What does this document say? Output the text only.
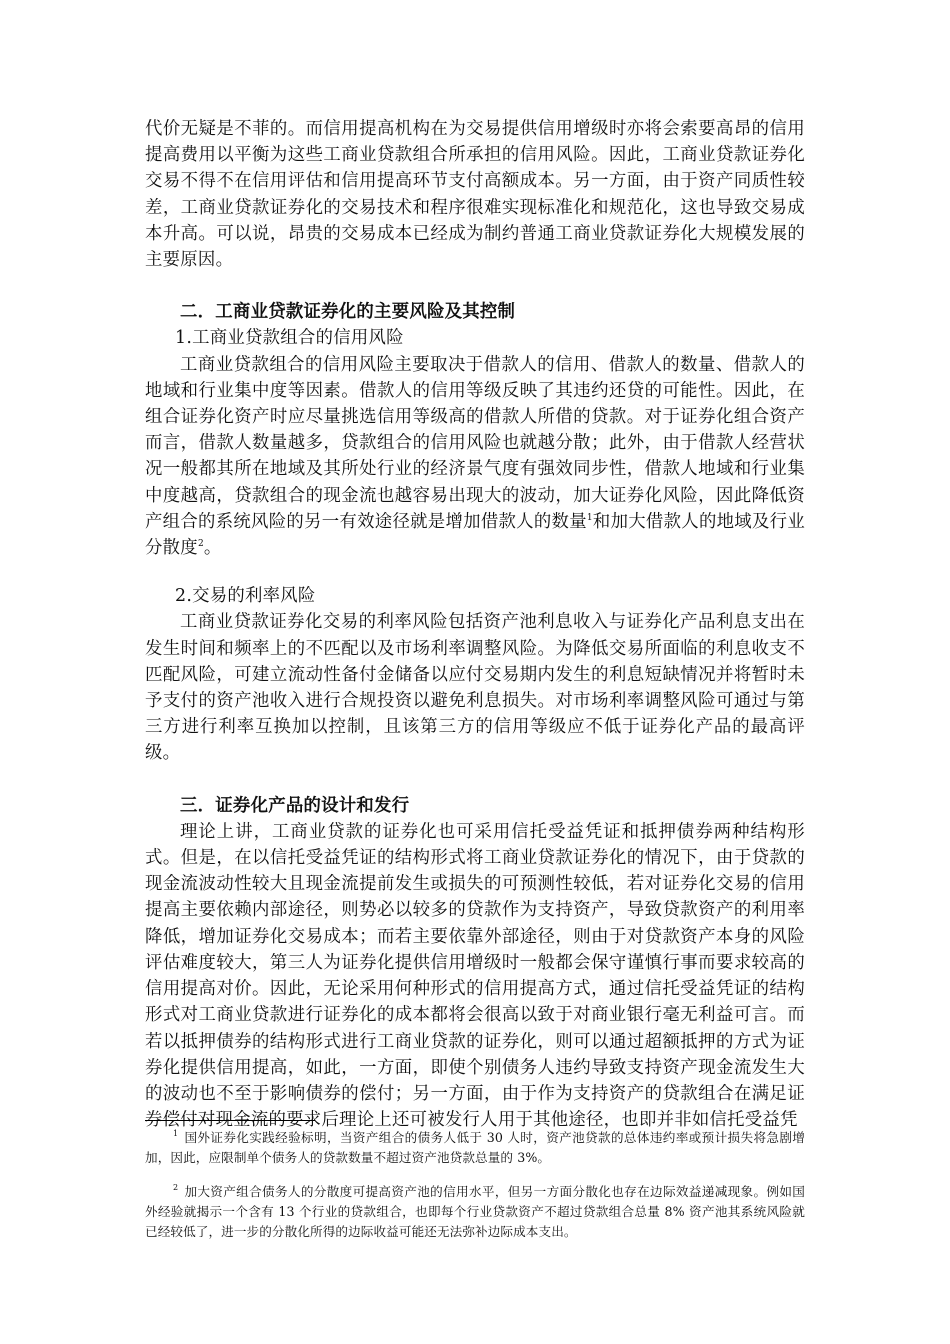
代价无疑是不菲的。而信用提高机构在为交易提供信用增级时亦将会索要高昂的信用提高费用以平衡为这些工商业贷款组合所承担的信用风险。因此，工商业贷款证券化交易不得不在信用评估和信用提高环节支付高额成本。另一方面，由于资产同质性较差，工商业贷款证券化的交易技术和程序很难实现标准化和规范化，这也导致交易成本升高。可以说，昂贵的交易成本已经成为制约普通工商业贷款证券化大规模发展的主要原因。

二．工商业贷款证券化的主要风险及其控制

1.工商业贷款组合的信用风险

工商业贷款组合的信用风险主要取决于借款人的信用、借款人的数量、借款人的地域和行业集中度等因素。借款人的信用等级反映了其违约还贷的可能性。因此，在组合证券化资产时应尽量挑选信用等级高的借款人所借的贷款。对于证券化组合资产而言，借款人数量越多，贷款组合的信用风险也就越分散；此外，由于借款人经营状况一般都其所在地域及其所处行业的经济景气度有强效同步性，借款人地域和行业集中度越高，贷款组合的现金流也越容易出现大的波动，加大证券化风险，因此降低资产组合的系统风险的另一有效途径就是增加借款人的数量$^1$和加大借款人的地域及行业分散度$^2$。

2.交易的利率风险

工商业贷款证券化交易的利率风险包括资产池利息收入与证券化产品利息支出在发生时间和频率上的不匹配以及市场利率调整风险。为降低交易所面临的利息收支不匹配风险，可建立流动性备付金储备以应付交易期内发生的利息短缺情况并将暂时未予支付的资产池收入进行合规投资以避免利息损失。对市场利率调整风险可通过与第三方进行利率互换加以控制，且该第三方的信用等级应不低于证券化产品的最高评级。

三．证券化产品的设计和发行

理论上讲，工商业贷款的证券化也可采用信托受益凭证和抵押债券两种结构形式。但是，在以信托受益凭证的结构形式将工商业贷款证券化的情况下，由于贷款的现金流波动性较大且现金流提前发生或损失的可预测性较低，若对证券化交易的信用提高主要依赖内部途径，则势必以较多的贷款作为支持资产，导致贷款资产的利用率降低，增加证券化交易成本；而若主要依靠外部途径，则由于对贷款资产本身的风险评估难度较大，第三人为证券化提供信用增级时一般都会保守谨慎行事而要求较高的信用提高对价。因此，无论采用何种形式的信用提高方式，通过信托受益凭证的结构形式对工商业贷款进行证券化的成本都将会很高以致于对商业银行毫无利益可言。而若以抵押债券的结构形式进行工商业贷款的证券化，则可以通过超额抵押的方式为证券化提供信用提高，如此，一方面，即使个别债务人违约导致支持资产现金流发生大的波动也不至于影响债券的偿付；另一方面，由于作为支持资产的贷款组合在满足证券偿付对现金流的要求后理论上还可被发行人用于其他途径，也即并非如信托受益凭

$^1$ 国外证券化实践经验标明，当资产组合的债务人低于 30 人时，资产池贷款的总体违约率或预计损失将急剧增加，因此，应限制单个债务人的贷款数量不超过资产池贷款总量的 3%。

$^2$ 加大资产组合债务人的分散度可提高资产池的信用水平，但另一方面分散化也存在边际效益递减现象。例如国外经验就揭示一个含有 13 个行业的贷款组合，也即每个行业贷款资产不超过贷款组合总量 8% 资产池其系统风险就已经较低了，进一步的分散化所得的边际收益可能还无法弥补边际成本支出。
